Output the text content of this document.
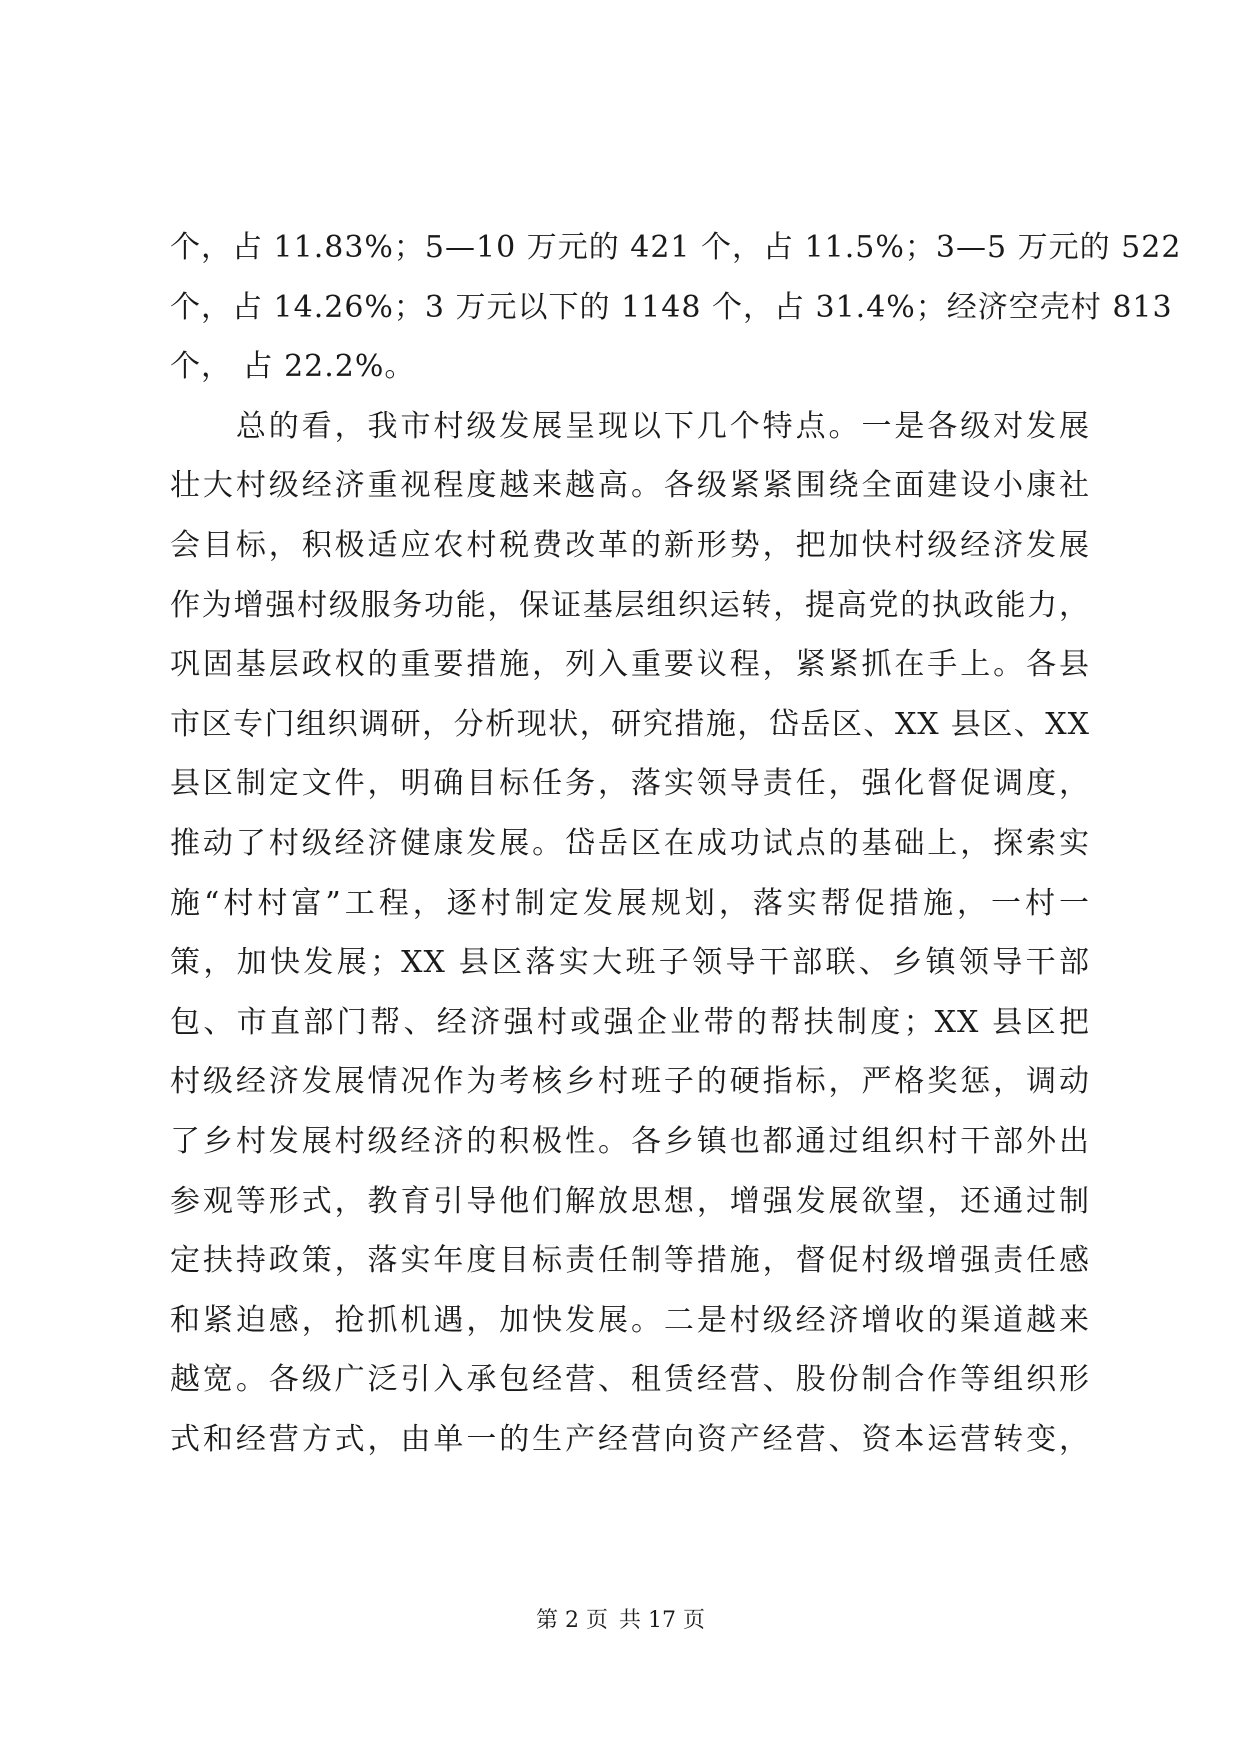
个，占 11.83%；5—10 万元的 421 个，占 11.5%；3—5 万元的 522
个，占 14.26%；3 万元以下的 1148 个，占 31.4%；经济空壳村 813
个， 占 22.2%。
　　总的看，我市村级发展呈现以下几个特点。一是各级对发展
壮大村级经济重视程度越来越高。各级紧紧围绕全面建设小康社
会目标，积极适应农村税费改革的新形势，把加快村级经济发展
作为增强村级服务功能，保证基层组织运转，提高党的执政能力，
巩固基层政权的重要措施，列入重要议程，紧紧抓在手上。各县
市区专门组织调研，分析现状，研究措施，岱岳区、XX 县区、XX
县区制定文件，明确目标任务，落实领导责任，强化督促调度，
推动了村级经济健康发展。岱岳区在成功试点的基础上，探索实
施“村村富”工程，逐村制定发展规划，落实帮促措施，一村一
策，加快发展；XX 县区落实大班子领导干部联、乡镇领导干部
包、市直部门帮、经济强村或强企业带的帮扶制度；XX 县区把
村级经济发展情况作为考核乡村班子的硬指标，严格奖惩，调动
了乡村发展村级经济的积极性。各乡镇也都通过组织村干部外出
参观等形式，教育引导他们解放思想，增强发展欲望，还通过制
定扶持政策，落实年度目标责任制等措施，督促村级增强责任感
和紧迫感，抢抓机遇，加快发展。二是村级经济增收的渠道越来
越宽。各级广泛引入承包经营、租赁经营、股份制合作等组织形
式和经营方式，由单一的生产经营向资产经营、资本运营转变，
第 2 页 共 17 页
